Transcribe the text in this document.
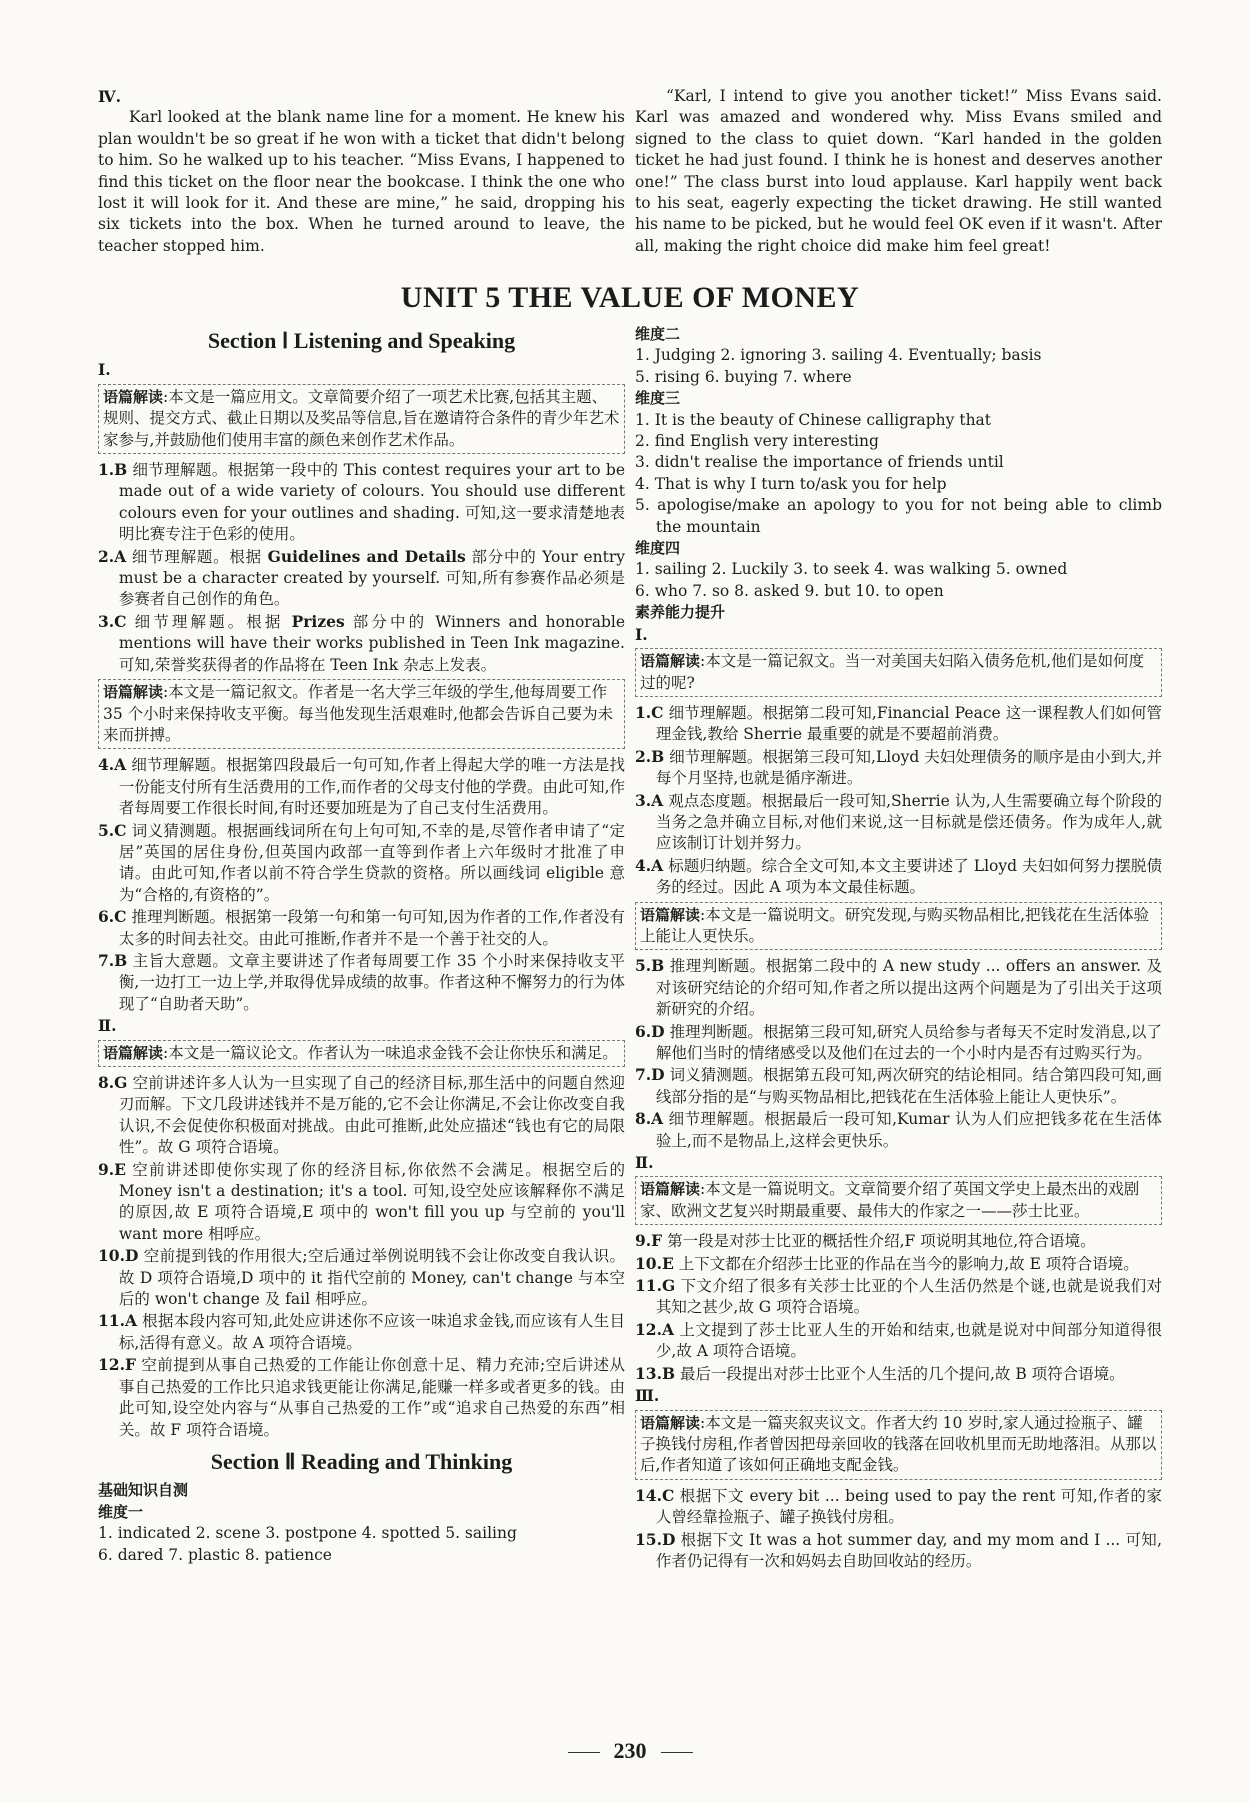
Ⅳ.

Karl looked at the blank name line for a moment. He knew his plan wouldn't be so great if he won with a ticket that didn't belong to him. So he walked up to his teacher. “Miss Evans, I happened to find this ticket on the floor near the bookcase. I think the one who lost it will look for it. And these are mine,” he said, dropping his six tickets into the box. When he turned around to leave, the teacher stopped him.

“Karl, I intend to give you another ticket!” Miss Evans said. Karl was amazed and wondered why. Miss Evans smiled and signed to the class to quiet down. “Karl handed in the golden ticket he had just found. I think he is honest and deserves another one!” The class burst into loud applause. Karl happily went back to his seat, eagerly expecting the ticket drawing. He still wanted his name to be picked, but he would feel OK even if it wasn't. After all, making the right choice did make him feel great!

UNIT 5 THE VALUE OF MONEY
Section Ⅰ Listening and Speaking

Ⅰ.

语篇解读:本文是一篇应用文。文章简要介绍了一项艺术比赛,包括其主题、规则、提交方式、截止日期以及奖品等信息,旨在邀请符合条件的青少年艺术家参与,并鼓励他们使用丰富的颜色来创作艺术作品。

1.B 细节理解题。根据第一段中的 This contest requires your art to be made out of a wide variety of colours. You should use different colours even for your outlines and shading. 可知,这一要求清楚地表明比赛专注于色彩的使用。

2.A 细节理解题。根据 Guidelines and Details 部分中的 Your entry must be a character created by yourself. 可知,所有参赛作品必须是参赛者自己创作的角色。

3.C 细节理解题。根据 Prizes 部分中的 Winners and honorable mentions will have their works published in Teen Ink magazine. 可知,荣誉奖获得者的作品将在 Teen Ink 杂志上发表。

语篇解读:本文是一篇记叙文。作者是一名大学三年级的学生,他每周要工作 35 个小时来保持收支平衡。每当他发现生活艰难时,他都会告诉自己要为未来而拼搏。

4.A 细节理解题。根据第四段最后一句可知,作者上得起大学的唯一方法是找一份能支付所有生活费用的工作,而作者的父母支付他的学费。由此可知,作者每周要工作很长时间,有时还要加班是为了自己支付生活费用。

5.C 词义猜测题。根据画线词所在句上句可知,不幸的是,尽管作者申请了“定居”英国的居住身份,但英国内政部一直等到作者上六年级时才批准了申请。由此可知,作者以前不符合学生贷款的资格。所以画线词 eligible 意为“合格的,有资格的”。

6.C 推理判断题。根据第一段第一句和第一句可知,因为作者的工作,作者没有太多的时间去社交。由此可推断,作者并不是一个善于社交的人。

7.B 主旨大意题。文章主要讲述了作者每周要工作 35 个小时来保持收支平衡,一边打工一边上学,并取得优异成绩的故事。作者这种不懈努力的行为体现了“自助者天助”。

Ⅱ.

语篇解读:本文是一篇议论文。作者认为一味追求金钱不会让你快乐和满足。

8.G 空前讲述许多人认为一旦实现了自己的经济目标,那生活中的问题自然迎刃而解。下文几段讲述钱并不是万能的,它不会让你满足,不会让你改变自我认识,不会促使你积极面对挑战。由此可推断,此处应描述“钱也有它的局限性”。故 G 项符合语境。

9.E 空前讲述即使你实现了你的经济目标,你依然不会满足。根据空后的 Money isn't a destination; it's a tool. 可知,设空处应该解释你不满足的原因,故 E 项符合语境,E 项中的 won't fill you up 与空前的 you'll want more 相呼应。

10.D 空前提到钱的作用很大;空后通过举例说明钱不会让你改变自我认识。故 D 项符合语境,D 项中的 it 指代空前的 Money, can't change 与本空后的 won't change 及 fail 相呼应。

11.A 根据本段内容可知,此处应讲述你不应该一味追求金钱,而应该有人生目标,活得有意义。故 A 项符合语境。

12.F 空前提到从事自己热爱的工作能让你创意十足、精力充沛;空后讲述从事自己热爱的工作比只追求钱更能让你满足,能赚一样多或者更多的钱。由此可知,设空处内容与“从事自己热爱的工作”或“追求自己热爱的东西”相关。故 F 项符合语境。

Section Ⅱ Reading and Thinking

基础知识自测

维度一

1. indicated 2. scene 3. postpone 4. spotted 5. sailing

6. dared 7. plastic 8. patience

维度二

1. Judging 2. ignoring 3. sailing 4. Eventually; basis

5. rising 6. buying 7. where

维度三

1. It is the beauty of Chinese calligraphy that

2. find English very interesting

3. didn't realise the importance of friends until

4. That is why I turn to/ask you for help

5. apologise/make an apology to you for not being able to climb the mountain

维度四

1. sailing 2. Luckily 3. to seek 4. was walking 5. owned

6. who 7. so 8. asked 9. but 10. to open

素养能力提升

Ⅰ.

语篇解读:本文是一篇记叙文。当一对美国夫妇陷入债务危机,他们是如何度过的呢?

1.C 细节理解题。根据第二段可知,Financial Peace 这一课程教人们如何管理金钱,教给 Sherrie 最重要的就是不要超前消费。

2.B 细节理解题。根据第三段可知,Lloyd 夫妇处理债务的顺序是由小到大,并每个月坚持,也就是循序渐进。

3.A 观点态度题。根据最后一段可知,Sherrie 认为,人生需要确立每个阶段的当务之急并确立目标,对他们来说,这一目标就是偿还债务。作为成年人,就应该制订计划并努力。

4.A 标题归纳题。综合全文可知,本文主要讲述了 Lloyd 夫妇如何努力摆脱债务的经过。因此 A 项为本文最佳标题。

语篇解读:本文是一篇说明文。研究发现,与购买物品相比,把钱花在生活体验上能让人更快乐。

5.B 推理判断题。根据第二段中的 A new study ... offers an answer. 及对该研究结论的介绍可知,作者之所以提出这两个问题是为了引出关于这项新研究的介绍。

6.D 推理判断题。根据第三段可知,研究人员给参与者每天不定时发消息,以了解他们当时的情绪感受以及他们在过去的一个小时内是否有过购买行为。

7.D 词义猜测题。根据第五段可知,两次研究的结论相同。结合第四段可知,画线部分指的是“与购买物品相比,把钱花在生活体验上能让人更快乐”。

8.A 细节理解题。根据最后一段可知,Kumar 认为人们应把钱多花在生活体验上,而不是物品上,这样会更快乐。

Ⅱ.

语篇解读:本文是一篇说明文。文章简要介绍了英国文学史上最杰出的戏剧家、欧洲文艺复兴时期最重要、最伟大的作家之一——莎士比亚。

9.F 第一段是对莎士比亚的概括性介绍,F 项说明其地位,符合语境。

10.E 上下文都在介绍莎士比亚的作品在当今的影响力,故 E 项符合语境。

11.G 下文介绍了很多有关莎士比亚的个人生活仍然是个谜,也就是说我们对其知之甚少,故 G 项符合语境。

12.A 上文提到了莎士比亚人生的开始和结束,也就是说对中间部分知道得很少,故 A 项符合语境。

13.B 最后一段提出对莎士比亚个人生活的几个提问,故 B 项符合语境。

Ⅲ.

语篇解读:本文是一篇夹叙夹议文。作者大约 10 岁时,家人通过捡瓶子、罐子换钱付房租,作者曾因把母亲回收的钱落在回收机里而无助地落泪。从那以后,作者知道了该如何正确地支配金钱。

14.C 根据下文 every bit ... being used to pay the rent 可知,作者的家人曾经靠捡瓶子、罐子换钱付房租。

15.D 根据下文 It was a hot summer day, and my mom and I ... 可知,作者仍记得有一次和妈妈去自助回收站的经历。

230
